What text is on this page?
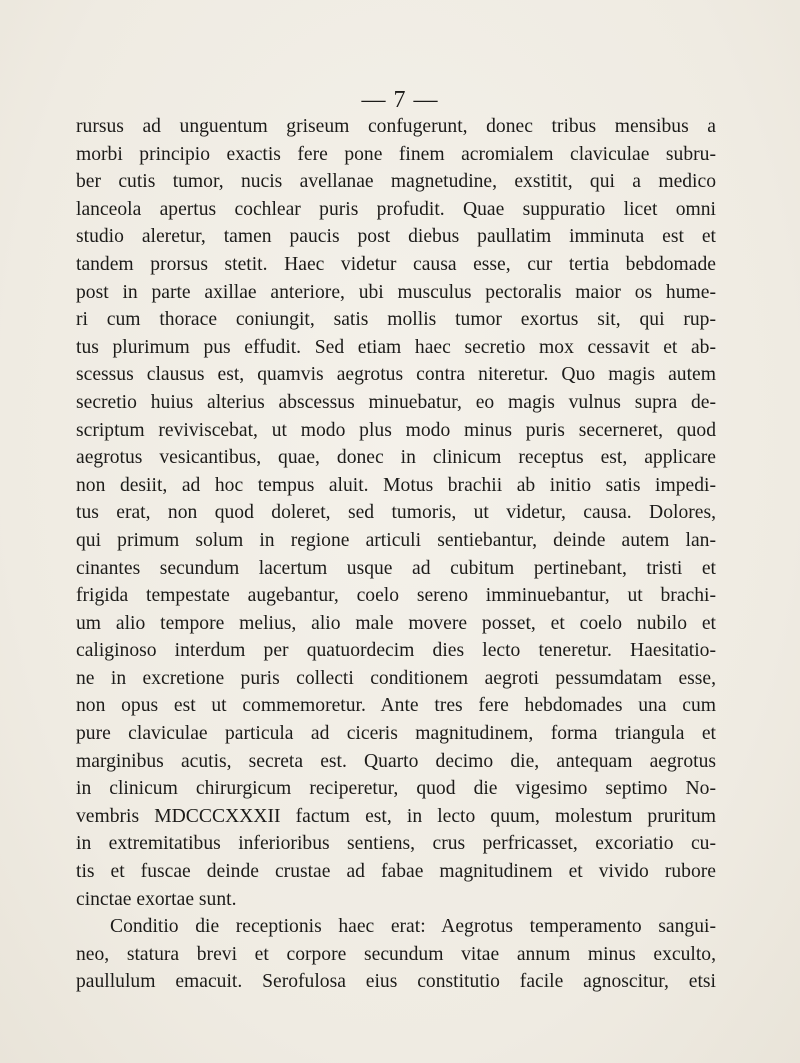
— 7 —
rursus ad unguentum griseum confugerunt, donec tribus mensibus a
morbi principio exactis fere pone finem acromialem claviculae subru-
ber cutis tumor, nucis avellanae magnetudine, exstitit, qui a medico
lanceola apertus cochlear puris profudit. Quae suppuratio licet omni
studio aleretur, tamen paucis post diebus paullatim imminuta est et
tandem prorsus stetit. Haec videtur causa esse, cur tertia bebdomade
post in parte axillae anteriore, ubi musculus pectoralis maior os hume-
ri cum thorace coniungit, satis mollis tumor exortus sit, qui rup-
tus plurimum pus effudit. Sed etiam haec secretio mox cessavit et ab-
scessus clausus est, quamvis aegrotus contra niteretur. Quo magis autem
secretio huius alterius abscessus minuebatur, eo magis vulnus supra de-
scriptum reviviscebat, ut modo plus modo minus puris secerneret, quod
aegrotus vesicantibus, quae, donec in clinicum receptus est, applicare
non desiit, ad hoc tempus aluit. Motus brachii ab initio satis impedi-
tus erat, non quod doleret, sed tumoris, ut videtur, causa. Dolores,
qui primum solum in regione articuli sentiebantur, deinde autem lan-
cinantes secundum lacertum usque ad cubitum pertinebant, tristi et
frigida tempestate augebantur, coelo sereno imminuebantur, ut brachi-
um alio tempore melius, alio male movere posset, et coelo nubilo et
caliginoso interdum per quatuordecim dies lecto teneretur. Haesitatio-
ne in excretione puris collecti conditionem aegroti pessumdatam esse,
non opus est ut commemoretur. Ante tres fere hebdomades una cum
pure claviculae particula ad ciceris magnitudinem, forma triangula et
marginibus acutis, secreta est. Quarto decimo die, antequam aegrotus
in clinicum chirurgicum reciperetur, quod die vigesimo septimo No-
vembris MDCCCXXXII factum est, in lecto quum, molestum pruritum
in extremitatibus inferioribus sentiens, crus perfricasset, excoriatio cu-
tis et fuscae deinde crustae ad fabae magnitudinem et vivido rubore
cinctae exortae sunt.
Conditio die receptionis haec erat: Aegrotus temperamento sangui-
neo, statura brevi et corpore secundum vitae annum minus exculto,
paullulum emacuit. Serofulosa eius constitutio facile agnoscitur, etsi
